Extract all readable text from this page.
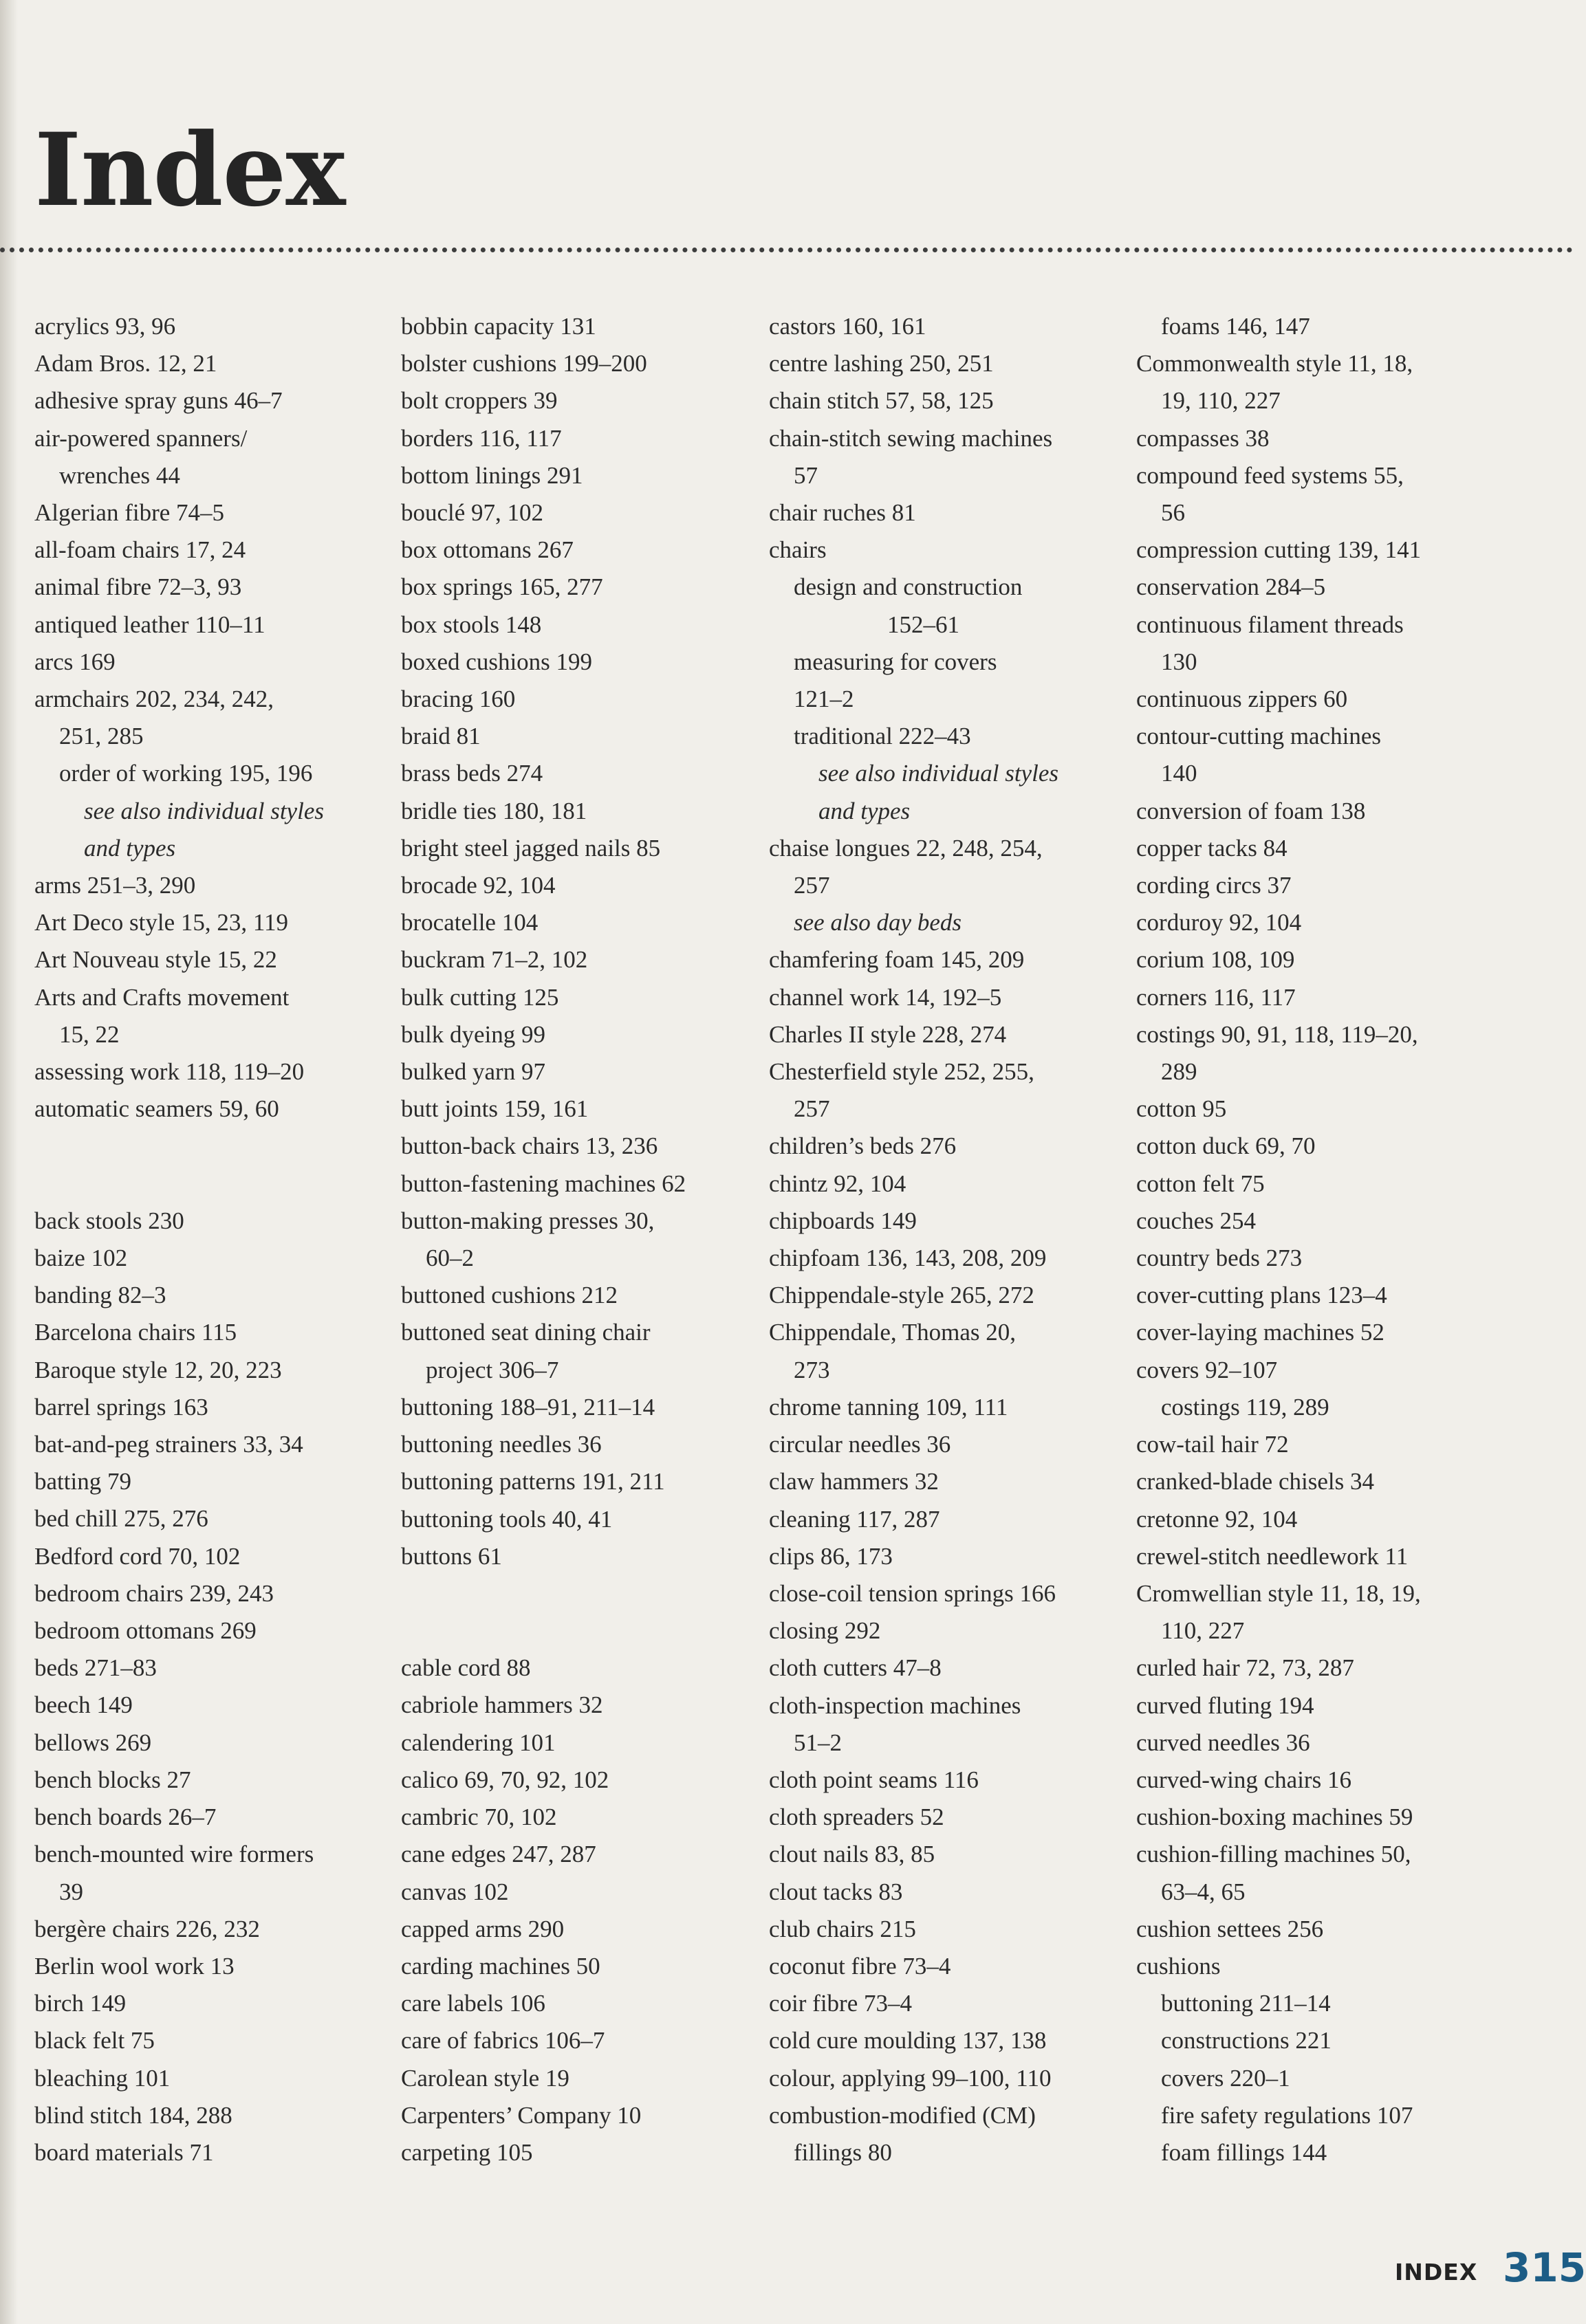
Index
acrylics 93, 96
Adam Bros. 12, 21
adhesive spray guns 46–7
air-powered spanners/
wrenches 44
Algerian fibre 74–5
all-foam chairs 17, 24
animal fibre 72–3, 93
antiqued leather 110–11
arcs 169
armchairs 202, 234, 242,
251, 285
order of working 195, 196
see also individual styles
and types
arms 251–3, 290
Art Deco style 15, 23, 119
Art Nouveau style 15, 22
Arts and Crafts movement
15, 22
assessing work 118, 119–20
automatic seamers 59, 60
back stools 230
baize 102
banding 82–3
Barcelona chairs 115
Baroque style 12, 20, 223
barrel springs 163
bat-and-peg strainers 33, 34
batting 79
bed chill 275, 276
Bedford cord 70, 102
bedroom chairs 239, 243
bedroom ottomans 269
beds 271–83
beech 149
bellows 269
bench blocks 27
bench boards 26–7
bench-mounted wire formers
39
bergère chairs 226, 232
Berlin wool work 13
birch 149
black felt 75
bleaching 101
blind stitch 184, 288
board materials 71
bobbin capacity 131
bolster cushions 199–200
bolt croppers 39
borders 116, 117
bottom linings 291
bouclé 97, 102
box ottomans 267
box springs 165, 277
box stools 148
boxed cushions 199
bracing 160
braid 81
brass beds 274
bridle ties 180, 181
bright steel jagged nails 85
brocade 92, 104
brocatelle 104
buckram 71–2, 102
bulk cutting 125
bulk dyeing 99
bulked yarn 97
butt joints 159, 161
button-back chairs 13, 236
button-fastening machines 62
button-making presses 30,
60–2
buttoned cushions 212
buttoned seat dining chair
project 306–7
buttoning 188–91, 211–14
buttoning needles 36
buttoning patterns 191, 211
buttoning tools 40, 41
buttons 61
cable cord 88
cabriole hammers 32
calendering 101
calico 69, 70, 92, 102
cambric 70, 102
cane edges 247, 287
canvas 102
capped arms 290
carding machines 50
care labels 106
care of fabrics 106–7
Carolean style 19
Carpenters’ Company 10
carpeting 105
castors 160, 161
centre lashing 250, 251
chain stitch 57, 58, 125
chain-stitch sewing machines
57
chair ruches 81
chairs
design and construction
152–61
measuring for covers
121–2
traditional 222–43
see also individual styles
and types
chaise longues 22, 248, 254,
257
see also day beds
chamfering foam 145, 209
channel work 14, 192–5
Charles II style 228, 274
Chesterfield style 252, 255,
257
children’s beds 276
chintz 92, 104
chipboards 149
chipfoam 136, 143, 208, 209
Chippendale-style 265, 272
Chippendale, Thomas 20,
273
chrome tanning 109, 111
circular needles 36
claw hammers 32
cleaning 117, 287
clips 86, 173
close-coil tension springs 166
closing 292
cloth cutters 47–8
cloth-inspection machines
51–2
cloth point seams 116
cloth spreaders 52
clout nails 83, 85
clout tacks 83
club chairs 215
coconut fibre 73–4
coir fibre 73–4
cold cure moulding 137, 138
colour, applying 99–100, 110
combustion-modified (CM)
fillings 80
foams 146, 147
Commonwealth style 11, 18,
19, 110, 227
compasses 38
compound feed systems 55,
56
compression cutting 139, 141
conservation 284–5
continuous filament threads
130
continuous zippers 60
contour-cutting machines
140
conversion of foam 138
copper tacks 84
cording circs 37
corduroy 92, 104
corium 108, 109
corners 116, 117
costings 90, 91, 118, 119–20,
289
cotton 95
cotton duck 69, 70
cotton felt 75
couches 254
country beds 273
cover-cutting plans 123–4
cover-laying machines 52
covers 92–107
costings 119, 289
cow-tail hair 72
cranked-blade chisels 34
cretonne 92, 104
crewel-stitch needlework 11
Cromwellian style 11, 18, 19,
110, 227
curled hair 72, 73, 287
curved fluting 194
curved needles 36
curved-wing chairs 16
cushion-boxing machines 59
cushion-filling machines 50,
63–4, 65
cushion settees 256
cushions
buttoning 211–14
constructions 221
covers 220–1
fire safety regulations 107
foam fillings 144
INDEX 315
